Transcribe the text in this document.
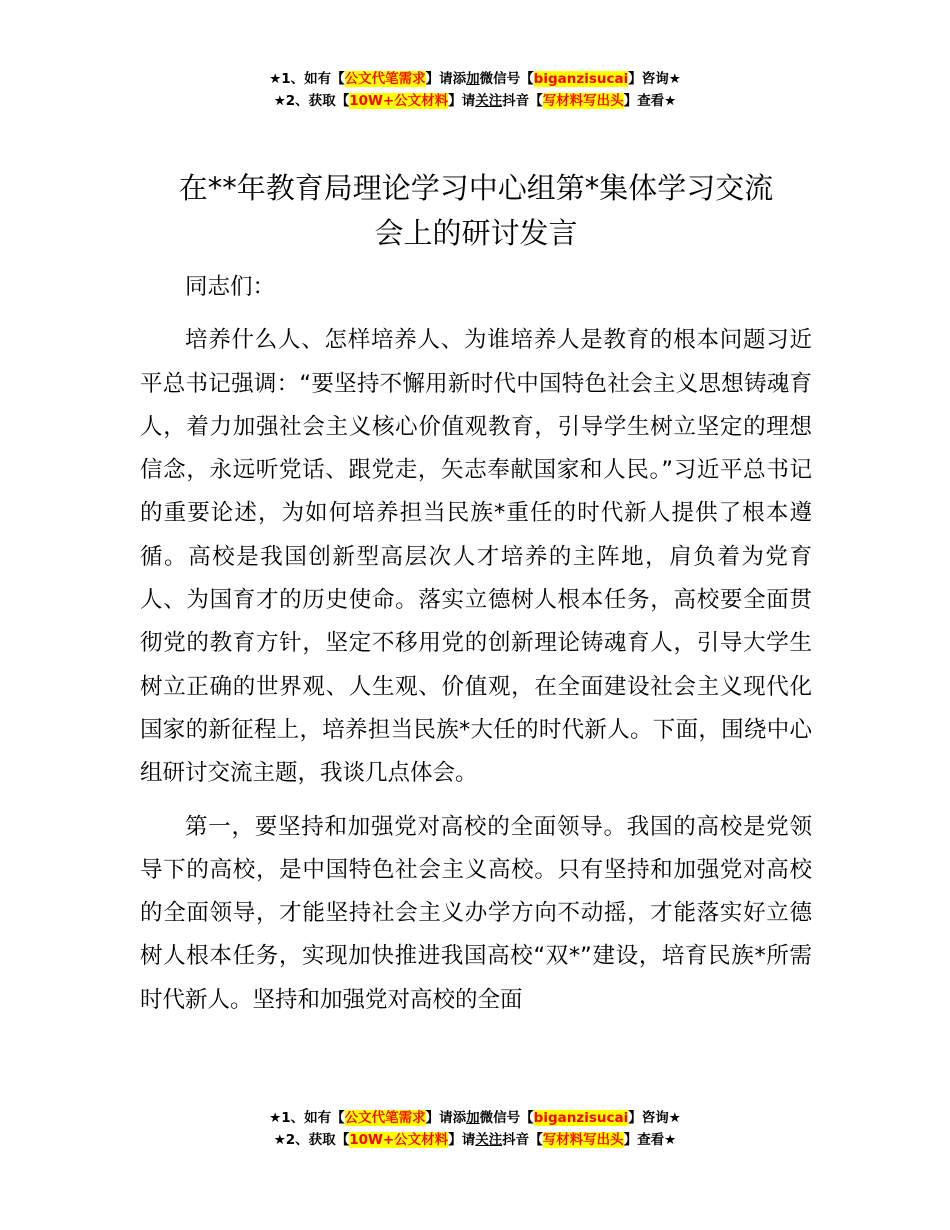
★1、如有【公文代笔需求】请添加微信号【biganzisucai】咨询★
★2、获取【10W+公文材料】请关注抖音【写材料写出头】查看★
在**年教育局理论学习中心组第*集体学习交流
会上的研讨发言

同志们：

培养什么人、怎样培养人、为谁培养人是教育的根本问题习近平总书记强调：“要坚持不懈用新时代中国特色社会主义思想铸魂育人，着力加强社会主义核心价值观教育，引导学生树立坚定的理想信念，永远听党话、跟党走，矢志奉献国家和人民。”习近平总书记的重要论述，为如何培养担当民族*重任的时代新人提供了根本遵循。高校是我国创新型高层次人才培养的主阵地，肩负着为党育人、为国育才的历史使命。落实立德树人根本任务，高校要全面贯彻党的教育方针，坚定不移用党的创新理论铸魂育人，引导大学生树立正确的世界观、人生观、价值观，在全面建设社会主义现代化国家的新征程上，培养担当民族*大任的时代新人。下面，围绕中心组研讨交流主题，我谈几点体会。

第一，要坚持和加强党对高校的全面领导。我国的高校是党领导下的高校，是中国特色社会主义高校。只有坚持和加强党对高校的全面领导，才能坚持社会主义办学方向不动摇，才能落实好立德树人根本任务，实现加快推进我国高校“双*”建设，培育民族*所需时代新人。坚持和加强党对高校的全面

★1、如有【公文代笔需求】请添加微信号【biganzisucai】咨询★
★2、获取【10W+公文材料】请关注抖音【写材料写出头】查看★
